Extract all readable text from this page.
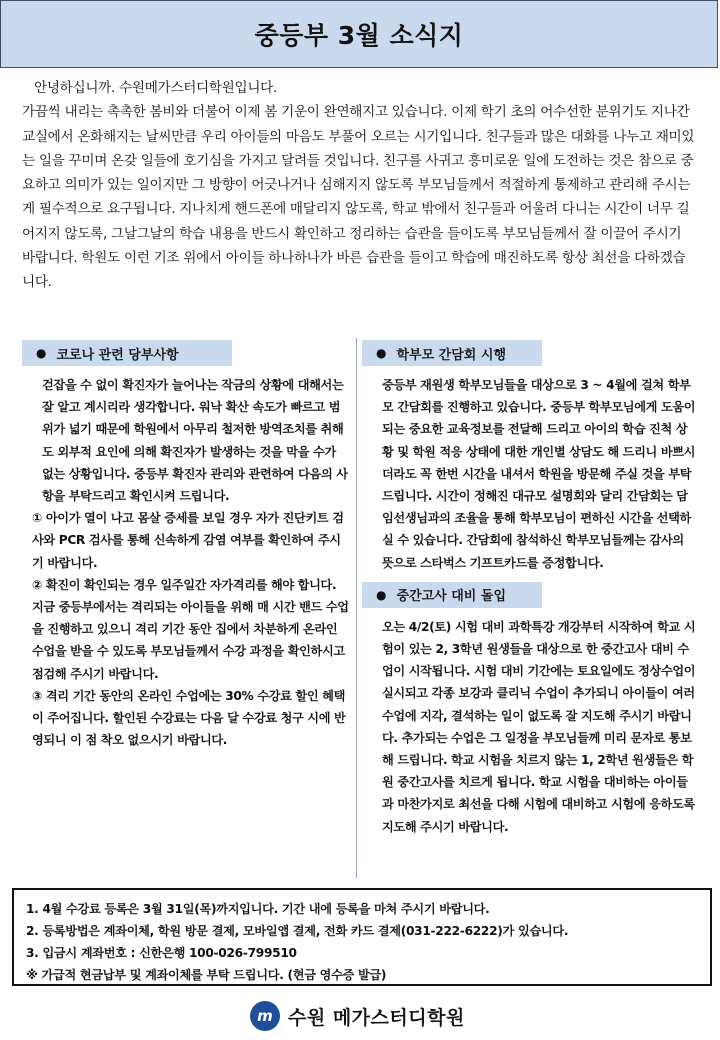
중등부 3월 소식지

안녕하십니까. 수원메가스터디학원입니다.

가끔씩 내리는 촉촉한 봄비와 더불어 이제 봄 기운이 완연해지고 있습니다. 이제 학기 초의 어수선한 분위기도 지나간 교실에서 온화해지는 날씨만큼 우리 아이들의 마음도 부풀어 오르는 시기입니다. 친구들과 많은 대화를 나누고 재미있는 일을 꾸미며 온갖 일들에 호기심을 가지고 달려들 것입니다. 친구를 사귀고 흥미로운 일에 도전하는 것은 참으로 중요하고 의미가 있는 일이지만 그 방향이 어긋나거나 심해지지 않도록 부모님들께서 적절하게 통제하고 관리해 주시는 게 필수적으로 요구됩니다. 지나치게 핸드폰에 매달리지 않도록, 학교 밖에서 친구들과 어울려 다니는 시간이 너무 길어지지 않도록, 그날그날의 학습 내용을 반드시 확인하고 정리하는 습관을 들이도록 부모님들께서 잘 이끌어 주시기 바랍니다. 학원도 이런 기조 위에서 아이들 하나하나가 바른 습관을 들이고 학습에 매진하도록 항상 최선을 다하겠습니다.

● 코로나 관련 당부사항

걷잡을 수 없이 확진자가 늘어나는 작금의 상황에 대해서는 잘 알고 계시리라 생각합니다. 워낙 확산 속도가 빠르고 범위가 넓기 때문에 학원에서 아무리 철저한 방역조치를 취해도 외부적 요인에 의해 확진자가 발생하는 것을 막을 수가 없는 상황입니다. 중등부 확진자 관리와 관련하여 다음의 사항을 부탁드리고 확인시켜 드립니다.

① 아이가 열이 나고 몸살 증세를 보일 경우 자가 진단키트 검사와 PCR 검사를 통해 신속하게 감염 여부를 확인하여 주시기 바랍니다.

② 확진이 확인되는 경우 일주일간 자가격리를 해야 합니다. 지금 중등부에서는 격리되는 아이들을 위해 매 시간 밴드 수업을 진행하고 있으니 격리 기간 동안 집에서 차분하게 온라인 수업을 받을 수 있도록 부모님들께서 수강 과정을 확인하시고 점검해 주시기 바랍니다.

③ 격리 기간 동안의 온라인 수업에는 30% 수강료 할인 혜택이 주어집니다. 할인된 수강료는 다음 달 수강료 청구 시에 반영되니 이 점 착오 없으시기 바랍니다.

● 학부모 간담회 시행

중등부 재원생 학부모님들을 대상으로 3 ~ 4월에 걸쳐 학부모 간담회를 진행하고 있습니다. 중등부 학부모님에게 도움이 되는 중요한 교육정보를 전달해 드리고 아이의 학습 진척 상황 및 학원 적응 상태에 대한 개인별 상담도 해 드리니 바쁘시더라도 꼭 한번 시간을 내셔서 학원을 방문해 주실 것을 부탁드립니다. 시간이 정해진 대규모 설명회와 달리 간담회는 담임선생님과의 조율을 통해 학부모님이 편하신 시간을 선택하실 수 있습니다. 간담회에 참석하신 학부모님들께는 감사의 뜻으로 스타벅스 기프트카드를 증정합니다.

● 중간고사 대비 돌입

오는 4/2(토) 시험 대비 과학특강 개강부터 시작하여 학교 시험이 있는 2, 3학년 원생들을 대상으로 한 중간고사 대비 수업이 시작됩니다. 시험 대비 기간에는 토요일에도 정상수업이 실시되고 각종 보강과 클리닉 수업이 추가되니 아이들이 여러 수업에 지각, 결석하는 일이 없도록 잘 지도해 주시기 바랍니다. 추가되는 수업은 그 일정을 부모님들께 미리 문자로 통보해 드립니다. 학교 시험을 치르지 않는 1, 2학년 원생들은 학원 중간고사를 치르게 됩니다. 학교 시험을 대비하는 아이들과 마찬가지로 최선을 다해 시험에 대비하고 시험에 응하도록 지도해 주시기 바랍니다.

1. 4월 수강료 등록은 3월 31일(목)까지입니다. 기간 내에 등록을 마쳐 주시기 바랍니다.

2. 등록방법은 계좌이체, 학원 방문 결제, 모바일앱 결제, 전화 카드 결제(031-222-6222)가 있습니다.

3. 입금시 계좌번호 : 신한은행 100-026-799510

※ 가급적 현금납부 및 계좌이체를 부탁 드립니다. (현금 영수증 발급)

m 수원 메가스터디학원
